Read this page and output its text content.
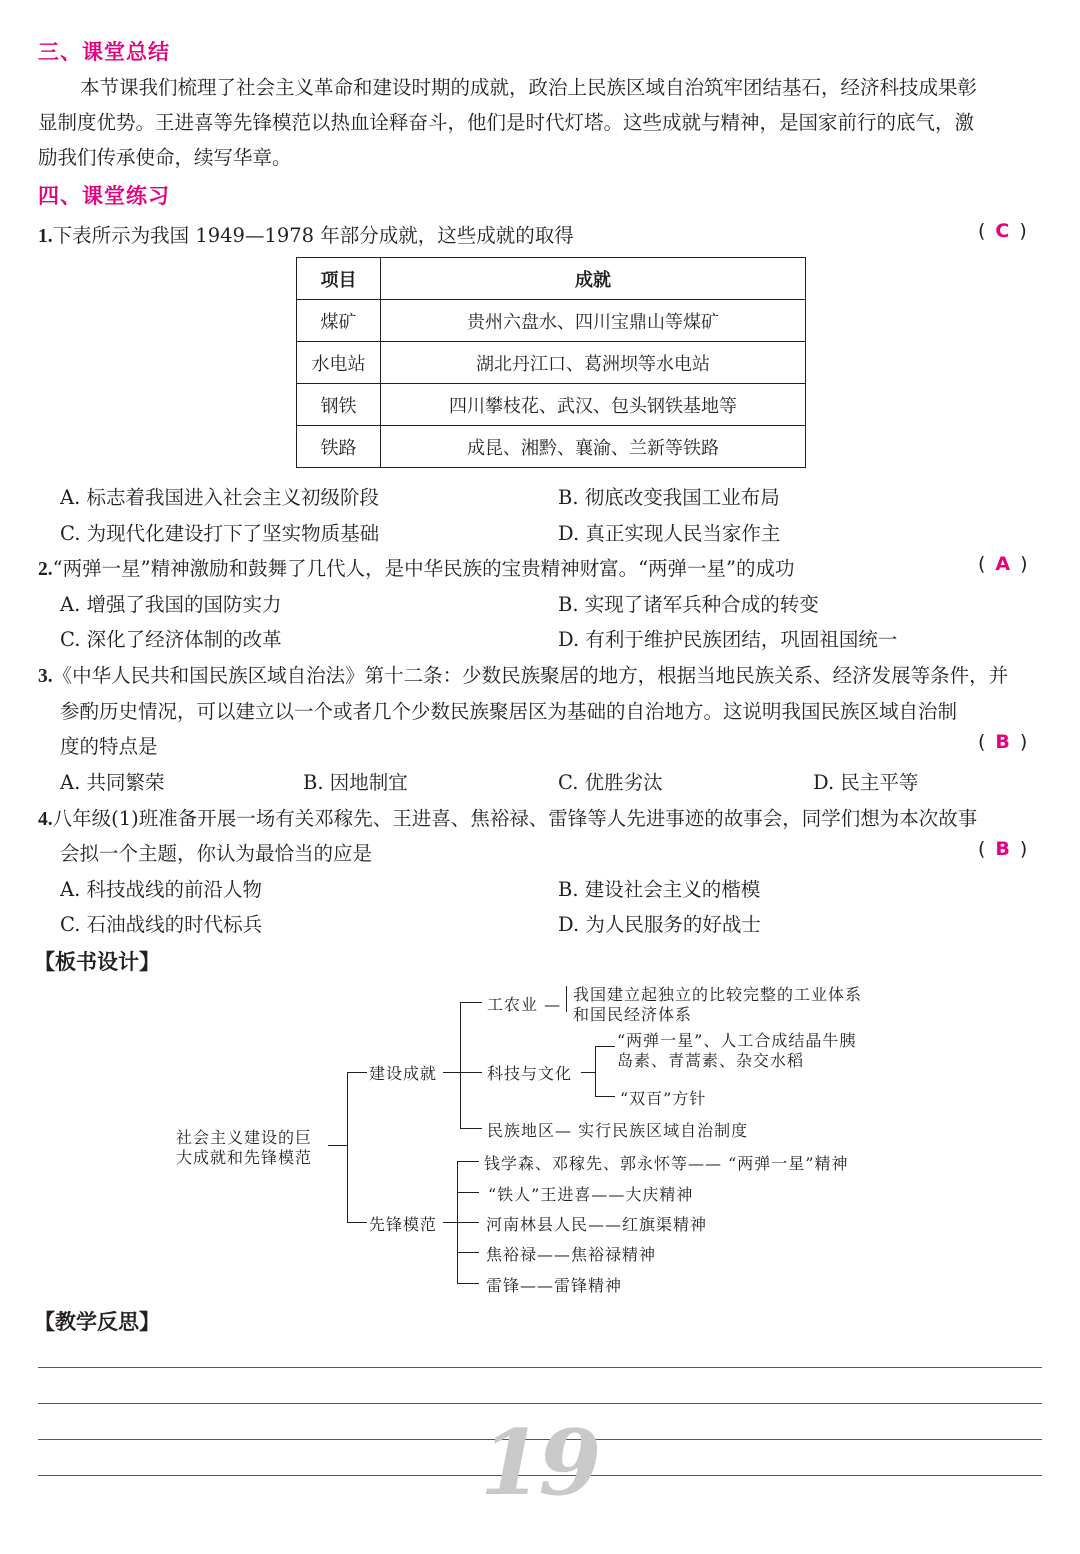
三、课堂总结
本节课我们梳理了社会主义革命和建设时期的成就，政治上民族区域自治筑牢团结基石，经济科技成果彰
显制度优势。王进喜等先锋模范以热血诠释奋斗，他们是时代灯塔。这些成就与精神，是国家前行的底气，激
励我们传承使命，续写华章。
四、课堂练习
1.下表所示为我国 1949—1978 年部分成就，这些成就的取得	( C )
项目	成就
煤矿	贵州六盘水、四川宝鼎山等煤矿
水电站	湖北丹江口、葛洲坝等水电站
钢铁	四川攀枝花、武汉、包头钢铁基地等
铁路	成昆、湘黔、襄渝、兰新等铁路
A. 标志着我国进入社会主义初级阶段	B. 彻底改变我国工业布局
C. 为现代化建设打下了坚实物质基础	D. 真正实现人民当家作主
2.“两弹一星”精神激励和鼓舞了几代人，是中华民族的宝贵精神财富。“两弹一星”的成功	( A )
A. 增强了我国的国防实力	B. 实现了诸军兵种合成的转变
C. 深化了经济体制的改革	D. 有利于维护民族团结，巩固祖国统一
3.《中华人民共和国民族区域自治法》第十二条：少数民族聚居的地方，根据当地民族关系、经济发展等条件，并
参酌历史情况，可以建立以一个或者几个少数民族聚居区为基础的自治地方。这说明我国民族区域自治制
度的特点是	( B )
A. 共同繁荣	B. 因地制宜	C. 优胜劣汰	D. 民主平等
4.八年级(1)班准备开展一场有关邓稼先、王进喜、焦裕禄、雷锋等人先进事迹的故事会，同学们想为本次故事
会拟一个主题，你认为最恰当的应是	( B )
A. 科技战线的前沿人物	B. 建设社会主义的楷模
C. 石油战线的时代标兵	D. 为人民服务的好战士
【板书设计】
社会主义建设的巨
大成就和先锋模范
建设成就
工农业 —
我国建立起独立的比较完整的工业体系
和国民经济体系
科技与文化
“两弹一星”、人工合成结晶牛胰
岛素、青蒿素、杂交水稻
“双百”方针
民族地区— 实行民族区域自治制度
先锋模范
钱学森、邓稼先、郭永怀等—— “两弹一星”精神
“铁人”王进喜——大庆精神
河南林县人民——红旗渠精神
焦裕禄——焦裕禄精神
雷锋——雷锋精神
【教学反思】
19
